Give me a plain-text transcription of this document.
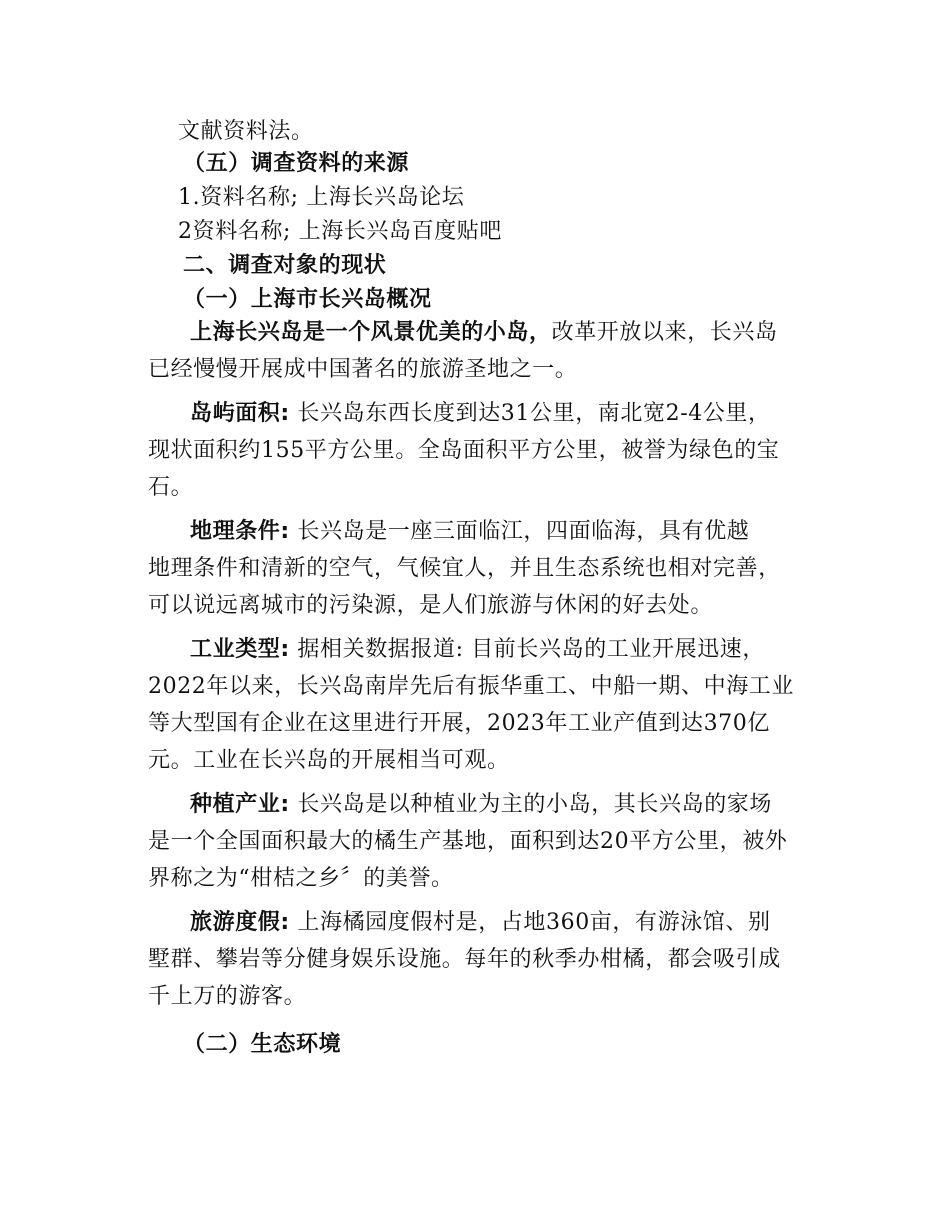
文献资料法。
（五）调查资料的来源
1.资料名称; 上海长兴岛论坛
2资料名称; 上海长兴岛百度贴吧
二、调查对象的现状
（一）上海市长兴岛概况
上海长兴岛是一个风景优美的小岛，改革开放以来，长兴岛
已经慢慢开展成中国著名的旅游圣地之一。
岛屿面积: 长兴岛东西长度到达31公里，南北宽2-4公里，
现状面积约155平方公里。全岛面积平方公里，被誉为绿色的宝
石。
地理条件: 长兴岛是一座三面临江，四面临海，具有优越
地理条件和清新的空气，气候宜人，并且生态系统也相对完善，
可以说远离城市的污染源，是人们旅游与休闲的好去处。
工业类型: 据相关数据报道: 目前长兴岛的工业开展迅速，
2022年以来，长兴岛南岸先后有振华重工、中船一期、中海工业
等大型国有企业在这里进行开展，2023年工业产值到达370亿
元。工业在长兴岛的开展相当可观。
种植产业: 长兴岛是以种植业为主的小岛，其长兴岛的家场
是一个全国面积最大的橘生产基地，面积到达20平方公里，被外
界称之为“柑桔之乡〞的美誉。
旅游度假: 上海橘园度假村是，占地360亩，有游泳馆、别
墅群、攀岩等分健身娱乐设施。每年的秋季办柑橘，都会吸引成
千上万的游客。
（二）生态环境
